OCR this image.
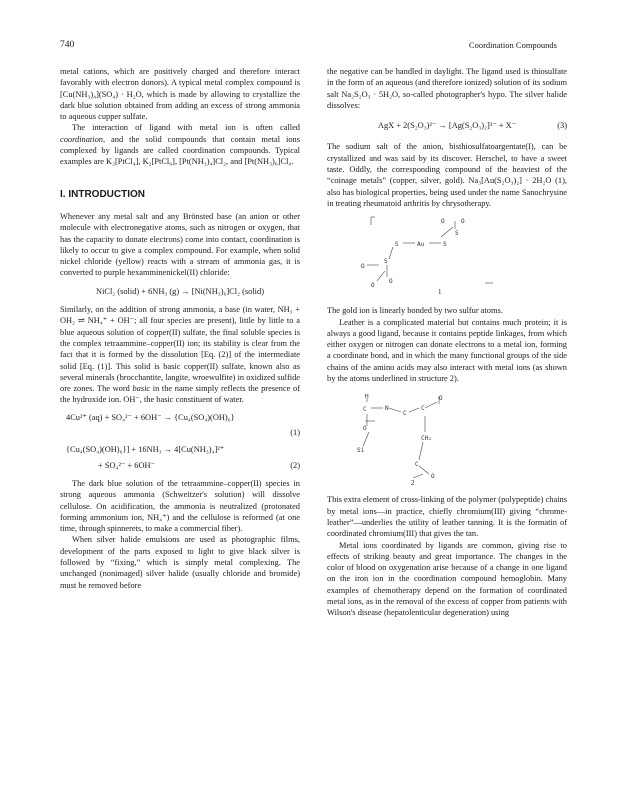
740	Coordination Compounds

metal cations, which are positively charged and therefore interact favorably with electron donors). A typical metal complex compound is [Cu(NH₃)₄](SO₄) · H₂O, which is made by allowing to crystallize the dark blue solution obtained from adding an excess of strong ammonia to aqueous cupper sulfate.

The interaction of ligand with metal ion is often called coordination, and the solid compounds that contain metal ions complexed by ligands are called coordination compounds. Typical examples are K₂[PtCl₄], K₂[PtCl₆], [Pt(NH₃)₄]Cl₂, and [Pt(NH₃)₆]Cl₄.

I. INTRODUCTION

Whenever any metal salt and any Brönsted base (an anion or other molecule with electronegative atoms, such as nitrogen or oxygen, that has the capacity to donate electrons) come into contact, coordination is likely to occur to give a complex compound. For example, when solid nickel chloride (yellow) reacts with a stream of ammonia gas, it is converted to purple hexamminenickel(II) chloride:

NiCl₂ (solid) + 6NH₃ (g) → [Ni(NH₃)₆]Cl₂ (solid)

Similarly, on the addition of strong ammonia, a base (in water, NH₃ + OH₂ ⇌ NH₄⁺ + OH⁻; all four species are present), little by little to a blue aqueous solution of copper(II) sulfate, the final soluble species is the complex tetraammine–copper(II) ion; its stability is clear from the fact that it is formed by the dissolution [Eq. (2)] of the intermediate solid [Eq. (1)]. This solid is basic copper(II) sulfate, known also as several minerals (brocchantite, langite, wroewulfite) in oxidized sulfide ore zones. The word basic in the name simply reflects the presence of the hydroxide ion. OH⁻, the basic constituent of water.

4Cu²⁺ (aq) + SO₄²⁻ + 6OH⁻ → {Cu₄(SO₄)(OH)₆}
(1)
{Cu₄(SO₄)(OH)₆}] + 16NH₃ → 4[Cu(NH₃)₄]²⁺
+ SO₄²⁻ + 6OH⁻	(2)

The dark blue solution of the tetraammine–copper(II) species in strong aqueous ammonia (Schweitzer's solution) will dissolve cellulose. On acidification, the ammonia is neutralized (protonated forming ammonium ion, NH₄⁺) and the cellulose is reformed (at one time, through spinnerets, to make a commercial fiber).

When silver halide emulsions are used as photographic films, development of the parts exposed to light to give black silver is followed by “fixing,” which is simply metal complexing. The unchanged (nonimaged) silver halide (usually chloride and bromide) must be removed before

the negative can be handled in daylight. The ligand used is thiosulfate in the form of an aqueous (and therefore ionized) solution of its sodium salt Na₂S₂O₃ · 5H₂O, so-called photographer's hypo. The silver halide dissolves:

AgX + 2(S₂O₃)²⁻ → [Ag(S₂O₃)₂]³⁻ + X⁻	(3)

The sodium salt of the anion, bisthiosulfatoargentate(I), can be crystallized and was said by its discover. Herschel, to have a sweet taste. Oddly, the corresponding compound of the heaviest of the “coinage metals” (copper, silver, gold). Na₃[Au(S₂O₃)₂] · 2H₂O (1), also has biological properties, being used under the name Sanochrysine in treating rheumatoid arthritis by chrysotherapy.

O	O
S
S
Au
S
S
O
O
O
1

The gold ion is linearly bonded by two sulfur atoms.

Leather is a complicated material but contains much protein; it is always a good ligand, because it contains peptide linkages, from which either oxygen or nitrogen can donate electrons to a metal ion, forming a coordinate bond, and in which the many functional groups of the side chains of the amino acids may also interact with metal ions (as shown by the atoms underlined in structure 2).

H
C	N
C
C
O
O
Si
CH₂
C
O
2

This extra element of cross-linking of the polymer (polypeptide) chains by metal ions—in practice, chiefly chromium(III) giving “chrome-leather”—underlies the utility of leather tanning. It is the formatin of coordinated chromium(III) that gives the tan.

Metal ions coordinated by ligands are common, giving rise to effects of striking beauty and great importance. The changes in the color of blood on oxygenation arise because of a change in one ligand on the iron ion in the coordination compound hemoglobin. Many examples of chemotherapy depend on the formation of coordinated metal ions, as in the removal of the excess of copper from patients with Wilson's disease (hepatolenticular degeneration) using
